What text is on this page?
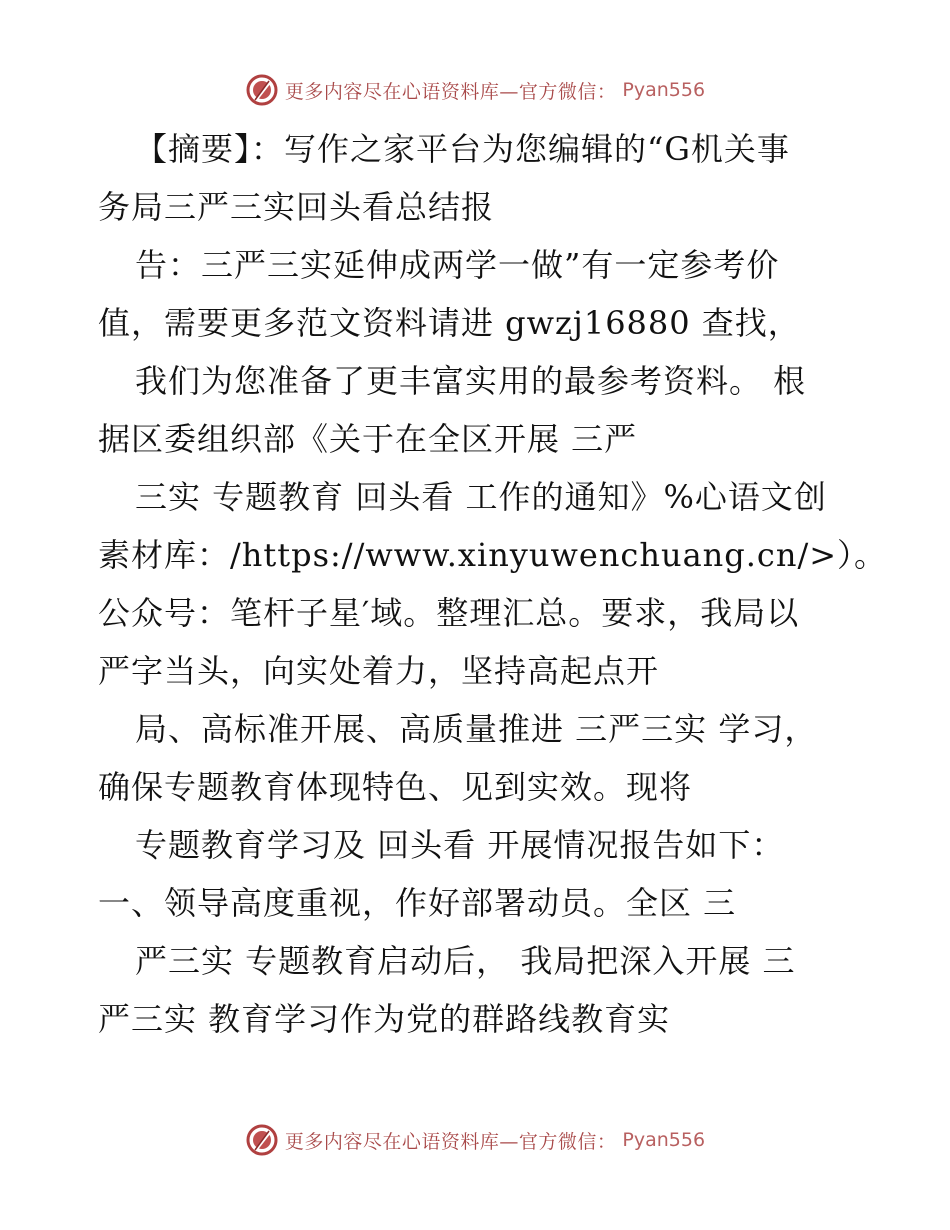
更多内容尽在心语资料库—官方微信： Pyan556
【摘要】：写作之家平台为您编辑的“G机关事
务局三严三实回头看总结报
告：三严三实延伸成两学一做”有一定参考价
值，需要更多范文资料请进 gwzj16880 查找，
我们为您准备了更丰富实用的最参考资料。 根
据区委组织部《关于在全区开展 三严
三实 专题教育 回头看 工作的通知》%心语文创
素材库：/https://www.xinyuwenchuang.cn/>）。
公众号：笔杆子星′域。整理汇总。要求，我局以
严字当头，向实处着力，坚持高起点开
局、高标准开展、高质量推进 三严三实 学习，
确保专题教育体现特色、见到实效。现将
专题教育学习及 回头看 开展情况报告如下：
一、领导高度重视，作好部署动员。全区 三
严三实 专题教育启动后， 我局把深入开展 三
严三实 教育学习作为党的群路线教育实
更多内容尽在心语资料库—官方微信： Pyan556
